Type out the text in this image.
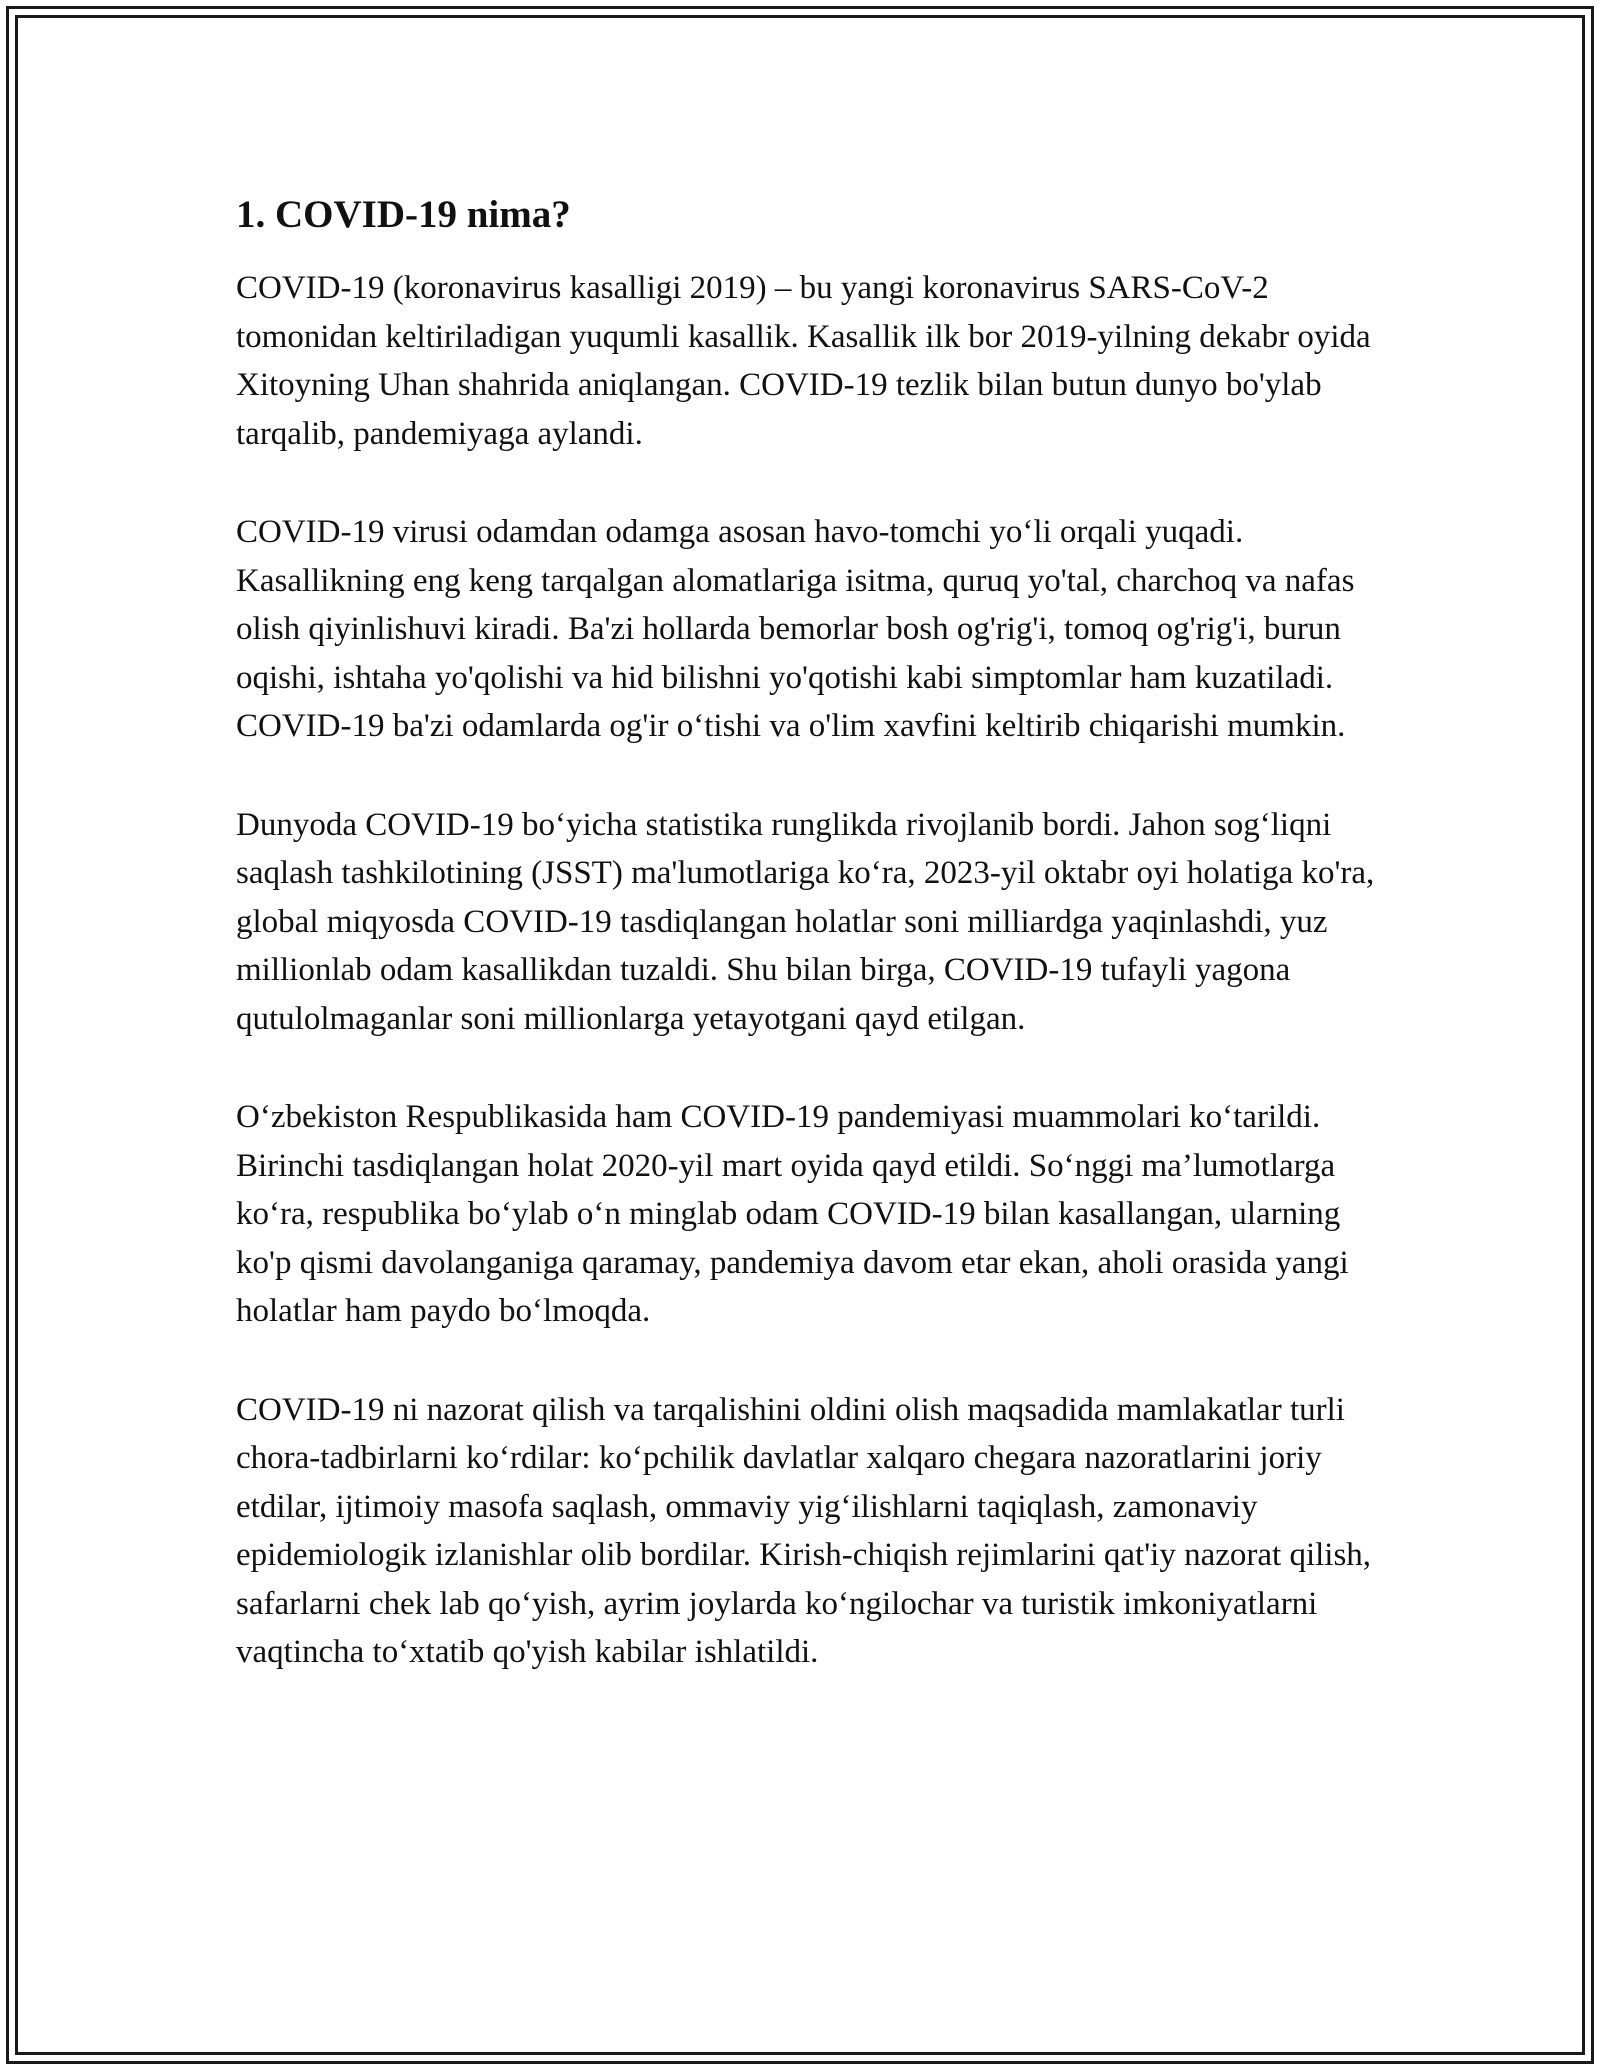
1. COVID-19 nima?

COVID-19 (koronavirus kasalligi 2019) – bu yangi koronavirus SARS-CoV-2 tomonidan keltiriladigan yuqumli kasallik. Kasallik ilk bor 2019-yilning dekabr oyida Xitoyning Uhan shahrida aniqlangan. COVID-19 tezlik bilan butun dunyo bo'ylab tarqalib, pandemiyaga aylandi.

COVID-19 virusi odamdan odamga asosan havo-tomchi yo‘li orqali yuqadi. Kasallikning eng keng tarqalgan alomatlariga isitma, quruq yo'tal, charchoq va nafas olish qiyinlishuvi kiradi. Ba'zi hollarda bemorlar bosh og'rig'i, tomoq og'rig'i, burun oqishi, ishtaha yo'qolishi va hid bilishni yo'qotishi kabi simptomlar ham kuzatiladi. COVID-19 ba'zi odamlarda og'ir o‘tishi va o'lim xavfini keltirib chiqarishi mumkin.

Dunyoda COVID-19 bo‘yicha statistika runglikda rivojlanib bordi. Jahon sog‘liqni saqlash tashkilotining (JSST) ma'lumotlariga ko‘ra, 2023-yil oktabr oyi holatiga ko'ra, global miqyosda COVID-19 tasdiqlangan holatlar soni milliardga yaqinlashdi, yuz millionlab odam kasallikdan tuzaldi. Shu bilan birga, COVID-19 tufayli yagona qutulolmaganlar soni millionlarga yetayotgani qayd etilgan.

O‘zbekiston Respublikasida ham COVID-19 pandemiyasi muammolari ko‘tarildi. Birinchi tasdiqlangan holat 2020-yil mart oyida qayd etildi. So‘nggi ma’lumotlarga ko‘ra, respublika bo‘ylab o‘n minglab odam COVID-19 bilan kasallangan, ularning ko'p qismi davolanganiga qaramay, pandemiya davom etar ekan, aholi orasida yangi holatlar ham paydo bo‘lmoqda.

COVID-19 ni nazorat qilish va tarqalishini oldini olish maqsadida mamlakatlar turli chora-tadbirlarni ko‘rdilar: ko‘pchilik davlatlar xalqaro chegara nazoratlarini joriy etdilar, ijtimoiy masofa saqlash, ommaviy yig‘ilishlarni taqiqlash, zamonaviy epidemiologik izlanishlar olib bordilar. Kirish-chiqish rejimlarini qat'iy nazorat qilish, safarlarni chek lab qo‘yish, ayrim joylarda ko‘ngilochar va turistik imkoniyatlarni vaqtincha to‘xtatib qo'yish kabilar ishlatildi.
